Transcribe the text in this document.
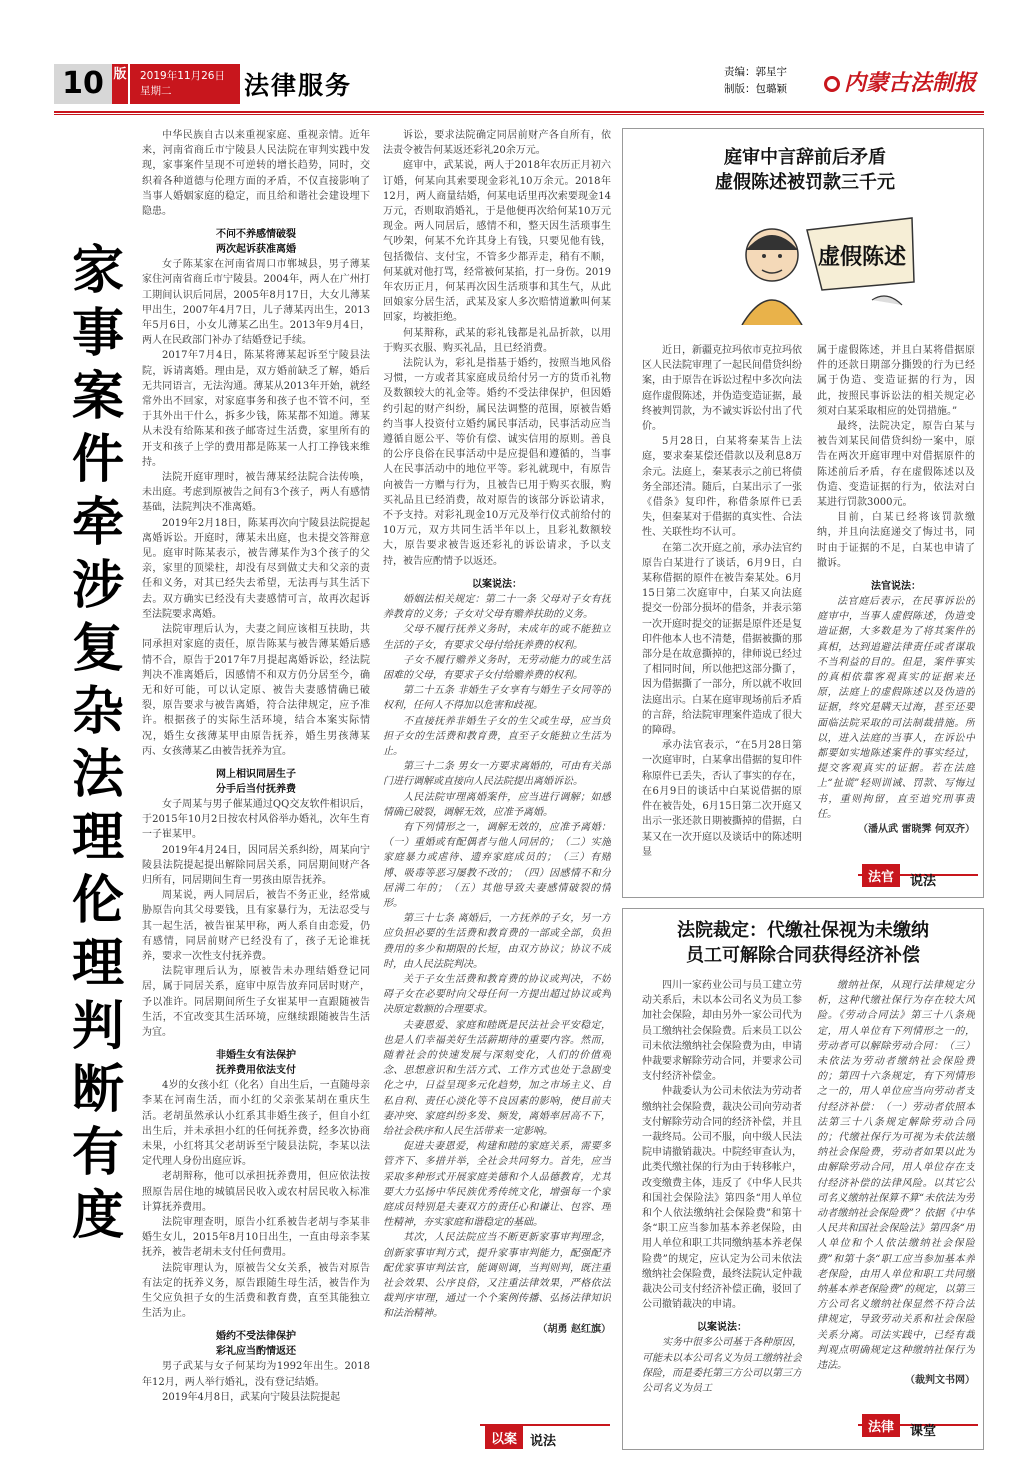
10 版 2019年11月26日
星期二	法律服务	责编：郭星宇
制版：包璐颖	内蒙古法制报
家
事
案
件
牵
涉
复
杂
法
理
伦
理
判
断
有
度

中华民族自古以来重视家庭、重视亲情。近年来，河南省商丘市宁陵县人民法院在审判实践中发现，家事案件呈现不可逆转的增长趋势，同时，交织着各种道德与伦理方面的矛盾，不仅直接影响了当事人婚姻家庭的稳定，而且给和谐社会建设埋下隐患。

不问不养感情破裂

两次起诉获准离婚

女子陈某家在河南省周口市郸城县，男子薄某家住河南省商丘市宁陵县。2004年，两人在广州打工期间认识后同居，2005年8月17日，大女儿薄某甲出生，2007年4月7日，儿子薄某丙出生，2013年5月6日，小女儿薄某乙出生。2013年9月4日，两人在民政部门补办了结婚登记手续。

2017年7月4日，陈某将薄某起诉至宁陵县法院，诉请离婚。理由是，双方婚前缺乏了解，婚后无共同语言，无法沟通。薄某从2013年开始，就经常外出不回家，对家庭事务和孩子也不管不问，至于其外出干什么，拆多少钱，陈某都不知道。薄某从未没有给陈某和孩子邮寄过生活费，家里所有的开支和孩子上学的费用都是陈某一人打工挣钱来维持。

法院开庭审理时，被告薄某经法院合法传唤，未出庭。考虑到原被告之间有3个孩子，两人有感情基础，法院判决不准离婚。

2019年2月18日，陈某再次向宁陵县法院提起离婚诉讼。开庭时，薄某未出庭，也未提交答辩意见。庭审时陈某表示，被告薄某作为3个孩子的父亲，家里的顶梁柱，却没有尽到做丈夫和父亲的责任和义务，对其已经失去希望，无法再与其生活下去。双方确实已经没有夫妻感情可言，故再次起诉至法院要求离婚。

法院审理后认为，夫妻之间应该相互扶助，共同承担对家庭的责任，原告陈某与被告薄某婚后感情不合，原告于2017年7月提起离婚诉讼，经法院判决不准离婚后，因感情不和双方仍分居至今，确无和好可能，可以认定原、被告夫妻感情确已破裂，原告要求与被告离婚，符合法律规定，应予准许。根据孩子的实际生活环境，结合本案实际情况，婚生女孩薄某甲由原告抚养，婚生男孩薄某丙、女孩薄某乙由被告抚养为宜。

网上相识同居生子

分手后当付抚养费

女子周某与男子催某通过QQ交友软件相识后，于2015年10月2日按农村风俗举办婚礼，次年生育一子崔某甲。

2019年4月24日，因同居关系纠纷，周某向宁陵县法院提起提出解除同居关系，同居期间财产各归所有，同居期间生育一男孩由原告抚养。

周某说，两人同居后，被告不务正业，经常威胁原告向其父母要钱，且有家暴行为，无法忍受与其一起生活，被告崔某甲称，两人系自由恋爱，仍有感情，同居前财产已经没有了，孩子无论谁抚养，要求一次性支付抚养费。

法院审理后认为，原被告未办理结婚登记同居，属于同居关系，庭审中原告放弃同居时财产，予以准许。同居期间所生子女崔某甲一直跟随被告生活，不宜改变其生活环境，应继续跟随被告生活为宜。

非婚生女有法保护

抚养费用依法支付

4岁的女孩小红（化名）自出生后，一直随母亲李某在河南生活，而小红的父亲张某胡在重庆生活。老胡虽然承认小红系其非婚生孩子，但自小红出生后，并未承担小红的任何抚养费，经多次协商未果，小红将其父老胡诉至宁陵县法院，李某以法定代理人身份出庭应诉。

老胡辩称，他可以承担抚养费用，但应依法按照原告居住地的城镇居民收入或农村居民收入标准计算抚养费用。

法院审理查明，原告小红系被告老胡与李某非婚生女儿，2015年8月10日出生，一直由母亲李某抚养，被告老胡未支付任何费用。

法院审理认为，原被告父女关系，被告对原告有法定的抚养义务，原告跟随生母生活，被告作为生父应负担子女的生活费和教育费，直至其能独立生活为止。

婚约不受法律保护

彩礼应当酌情返还

男子武某与女子何某均为1992年出生。2018年12月，两人举行婚礼，没有登记结婚。

2019年4月8日，武某向宁陵县法院提起

诉讼，要求法院确定同居前财产各自所有，依法责令被告何某返还彩礼20余万元。

庭审中，武某说，两人于2018年农历正月初六订婚，何某向其索要现金彩礼10万余元。2018年12月，两人商量结婚，何某电话里再次索要现金14万元，否则取消婚礼，于是他便再次给何某10万元现金。两人同居后，感情不和，整天因生活琐事生气吵架，何某不允许其身上有钱，只要见他有钱，包括微信、支付宝，不管多少都弄走，稍有不顺，何某就对他打骂，经常被何某掐，打一身伤。2019年农历正月，何某再次因生活琐事和其生气，从此回娘家分居生活，武某及家人多次赔情道歉叫何某回家，均被拒绝。

何某辩称，武某的彩礼钱都是礼品折款，以用于购买衣服、购买礼品，且已经消费。

法院认为，彩礼是指基于婚约，按照当地风俗习惯，一方或者其家庭成员给付另一方的货币礼物及数额较大的礼金等。婚约不受法律保护，但因婚约引起的财产纠纷，属民法调整的范围，原被告婚约当事人投资付立婚约属民事活动，民事活动应当遵循自愿公平、等价有偿、诚实信用的原则。善良的公序良俗在民事活动中是应提倡和遵循的，当事人在民事活动中的地位平等。彩礼就现中，有原告向被告一方赠与行为，且被告已用于购买衣服，购买礼品且已经消费，故对原告的该部分诉讼请求，不予支持。对彩礼现金10万元及举行仪式前给付的10万元，双方共同生活半年以上，且彩礼数额较大，原告要求被告返还彩礼的诉讼请求，予以支持，被告应酌情予以返还。

以案说法：

婚姻法相关规定：第二十一条 父母对子女有抚养教育的义务；子女对父母有赡养扶助的义务。

父母不履行抚养义务时，未成年的或不能独立生活的子女，有要求父母付给抚养费的权利。

子女不履行赡养义务时，无劳动能力的或生活困难的父母，有要求子女付给赡养费的权利。

第二十五条 非婚生子女享有与婚生子女同等的权利，任何人不得加以危害和歧视。

不直接抚养非婚生子女的生父或生母，应当负担子女的生活费和教育费，直至子女能独立生活为止。

第三十二条 男女一方要求离婚的，可由有关部门进行调解或直接向人民法院提出离婚诉讼。

人民法院审理离婚案件，应当进行调解；如感情确已破裂，调解无效，应准予离婚。

有下列情形之一，调解无效的，应准予离婚：（一）重婚或有配偶者与他人同居的；（二）实施家庭暴力或虐待、遗弃家庭成员的；（三）有赌博、吸毒等恶习屡教不改的；（四）因感情不和分居满二年的；（五）其他导致夫妻感情破裂的情形。

第三十七条 离婚后，一方抚养的子女，另一方应负担必要的生活费和教育费的一部或全部，负担费用的多少和期限的长短，由双方协议；协议不成时，由人民法院判决。

关于子女生活费和教育费的协议或判决，不妨碍子女在必要时向父母任何一方提出超过协议或判决原定数额的合理要求。

夫妻恩爱、家庭和睦既是民法社会平安稳定，也是人们幸福美好生活薪期待的重要内容。然而，随着社会的快速发展与深刻变化，人们的价值观念、思想意识和生活方式、工作方式也处于急剧变化之中，日益呈现多元化趋势，加之市场主义、自私自利、责任心淡化等不良因素的影响，使目前夫妻冲突、家庭纠纷多发、频发，离婚率居高不下，给社会秩序和人民生活带来一定影响。

促进夫妻恩爱，构建和睦的家庭关系，需要多管齐下、多措并举，全社会共同努力。首先，应当采取多种形式开展家庭美德和个人品德教育，尤其要大力弘扬中华民族优秀传统文化，增强每一个家庭成员特别是夫妻双方的责任心和谦让、包容、理性精神，夯实家庭和谐稳定的基础。

其次，人民法院应当不断更新家事审判理念，创新家事审判方式，提升家事审判能力，配强配齐配优家事审判法官，能调则调，当判则判，既注重社会效果、公序良俗，又注重法律效果，严格依法裁判序审理，通过一个个案例传播、弘扬法律知识和法治精神。

（胡勇 赵红旗）
以案 说法
庭审中言辞前后矛盾
虚假陈述被罚款三千元
虚假陈述

近日，新疆克拉玛依市克拉玛依区人民法院审理了一起民间借贷纠纷案，由于原告在诉讼过程中多次向法庭作虚假陈述，并伪造变造证据，最终被判罚款，为不诚实诉讼付出了代价。

5月28日，白某将秦某告上法庭，要求秦某偿还借款以及利息8万余元。法庭上，秦某表示之前已将债务全部还清。随后，白某出示了一张《借条》复印件，称借条原件已丢失，但秦某对于借据的真实性、合法性、关联性均不认可。

在第二次开庭之前，承办法官约原告白某进行了谈话，6月9日，白某称借据的原件在被告秦某处。6月15日第二次庭审中，白某又向法庭提交一份部分损坏的借条，并表示第一次开庭时提交的证据是原件还是复印件他本人也不清楚，借据被撕的那部分是在故意撕掉的，律师说已经过了相同时间，所以他把这部分撕了，因为借据撕了一部分，所以就不收回法庭出示。白某在庭审现场前后矛盾的言辞，给法院审理案件造成了很大的障碍。

承办法官表示，“在5月28日第一次庭审时，白某拿出借据的复印件称原件已丢失，否认了事实的存在，在6月9日的谈话中白某说借据的原件在被告处，6月15日第二次开庭又出示一张还款日期被撕掉的借据，白某又在一次开庭以及谈话中的陈述明显

属于虚假陈述，并且白某将借据原件的还款日期部分撕毁的行为已经属于伪造、变造证据的行为，因此，按照民事诉讼法的相关规定必须对白某采取相应的处罚措施。”

最终，法院决定，原告白某与被告刘某民间借贷纠纷一案中，原告在两次开庭审理中对借据原件的陈述前后矛盾，存在虚假陈述以及伪造、变造证据的行为，依法对白某进行罚款3000元。

目前，白某已经将该罚款缴纳，并且向法庭递交了悔过书，同时由于证据的不足，白某也申请了撤诉。

法官说法：

法官庭后表示，在民事诉讼的庭审中，当事人虚假陈述，伪造变造证据，大多数是为了将其案件的真相，达到追避法律责任或者谋取不当利益的目的。但是，案件事实的真相依靠客观真实的证据来还原，法庭上的虚假陈述以及伪造的证据，终究是瞒天过海，甚至还要面临法院采取的司法制裁措施。所以，进入法庭的当事人，在诉讼中都要如实地陈述案件的事实经过，提交客观真实的证据。若在法庭上“扯谎”轻则训诫、罚款、写悔过书，重则拘留，直至追究刑事责任。

（潘从武 雷晓霁 何双齐）
法官	说法
法院裁定：代缴社保视为未缴纳
员工可解除合同获得经济补偿

四川一家药业公司与员工建立劳动关系后，未以本公司名义为员工参加社会保险，却由另外一家公司代为员工缴纳社会保险费。后来员工以公司未依法缴纳社会保险费为由，申请仲裁要求解除劳动合同，并要求公司支付经济补偿金。

仲裁委认为公司未依法为劳动者缴纳社会保险费，裁决公司向劳动者支付解除劳动合同的经济补偿，并且一裁终局。公司不服，向中级人民法院申请撤销裁决。中院经审查认为，此类代缴社保的行为由于转移帐户，改变缴费主体，违反了《中华人民共和国社会保险法》第四条“用人单位和个人依法缴纳社会保险费”和第十条“职工应当参加基本养老保险，由用人单位和职工共同缴纳基本养老保险费”的规定，应认定为公司未依法缴纳社会保险费，最终法院认定仲裁裁决公司支付经济补偿正确，驳回了公司撤销裁决的申请。

以案说法：

实务中很多公司基于各种原因，可能未以本公司名义为员工缴纳社会保险，而是委托第三方公司以第三方公司名义为员工

缴纳社保，从现行法律规定分析，这种代缴社保行为存在较大风险。《劳动合同法》第三十八条规定，用人单位有下列情形之一的，劳动者可以解除劳动合同：（三）未依法为劳动者缴纳社会保险费的；第四十六条规定，有下列情形之一的，用人单位应当向劳动者支付经济补偿：（一）劳动者依照本法第三十八条规定解除劳动合同的；代缴社保行为可视为未依法缴纳社会保险费，劳动者如果以此为由解除劳动合同，用人单位存在支付经济补偿的法律风险。以其它公司名义缴纳社保算不算“未依法为劳动者缴纳社会保险费”？依据《中华人民共和国社会保险法》第四条“用人单位和个人依法缴纳社会保险费”和第十条“职工应当参加基本养老保险，由用人单位和职工共同缴纳基本养老保险费”的规定，以第三方公司名义缴纳社保显然不符合法律规定，导致劳动关系和社会保险关系分离。司法实践中，已经有裁判观点明确规定这种缴纳社保行为违法。

（裁判文书网）
法律	课堂
